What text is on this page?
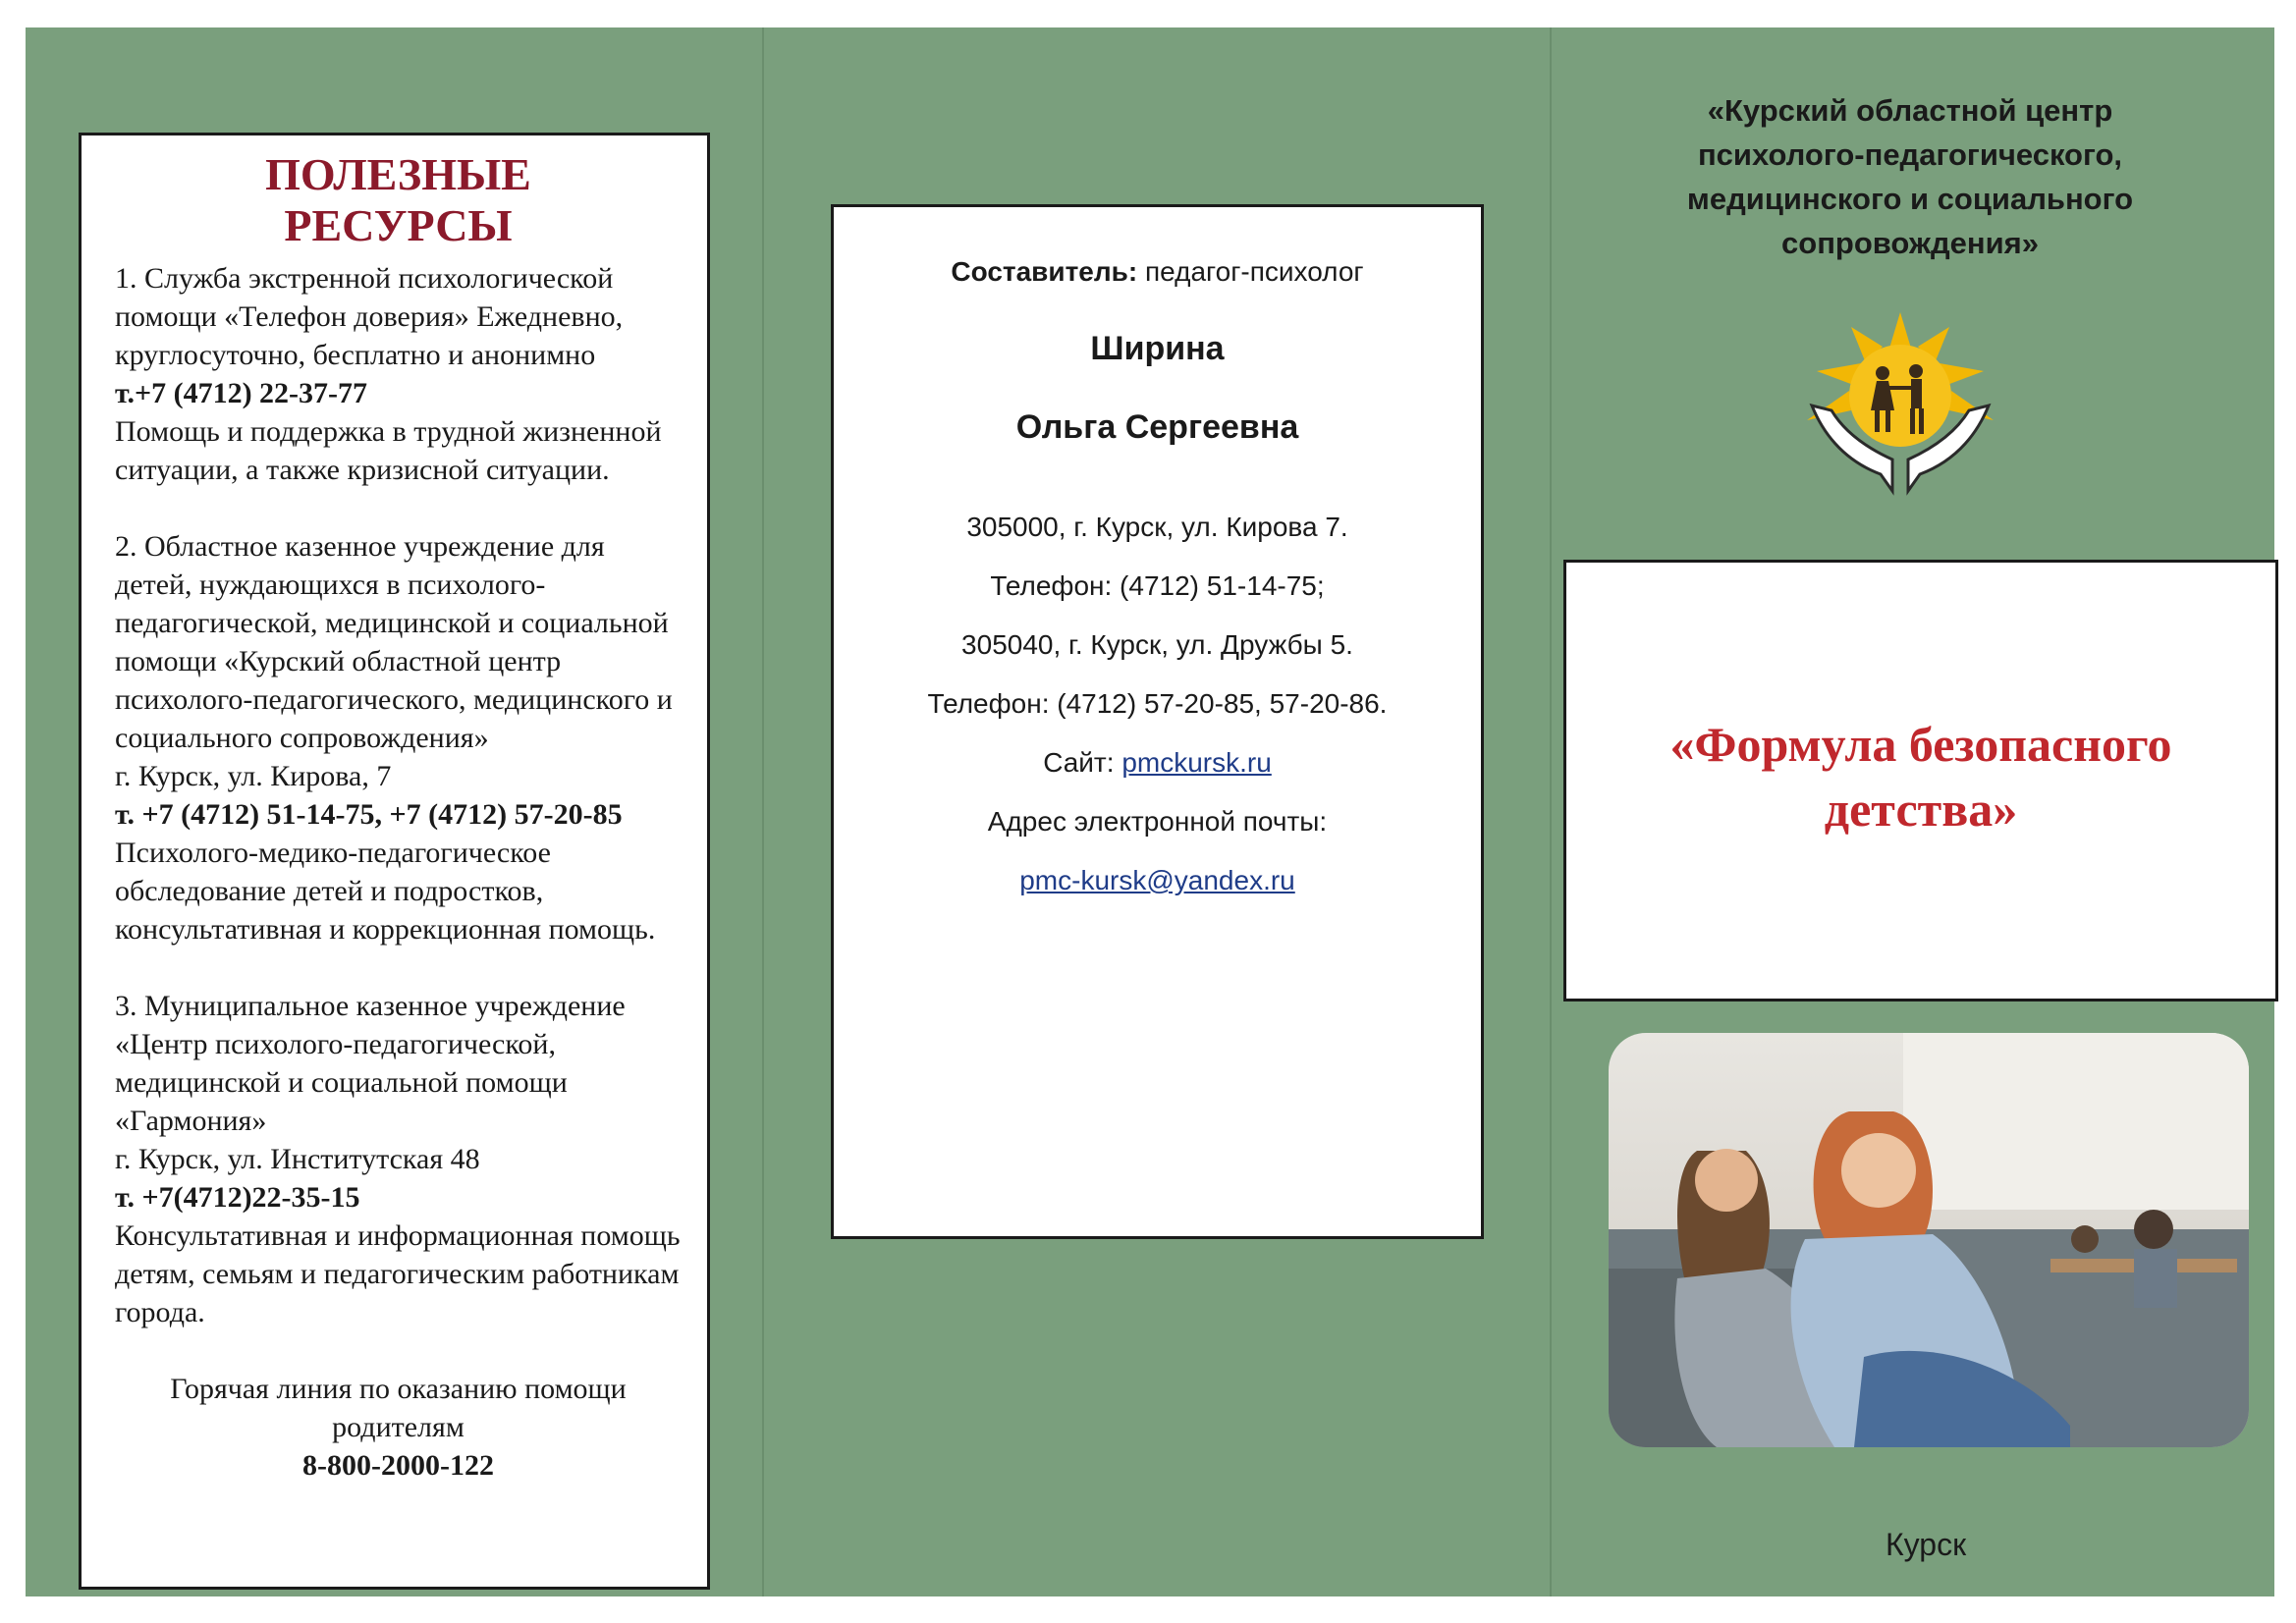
ПОЛЕЗНЫЕ
РЕСУРСЫ
1. Служба экстренной психологической помощи «Телефон доверия» Ежедневно, круглосуточно, бесплатно и анонимно
т.+7 (4712) 22-37-77
Помощь и поддержка в трудной жизненной ситуации, а также кризисной ситуации.
2. Областное казенное учреждение для детей, нуждающихся в психолого-педагогической, медицинской и социальной помощи «Курский областной центр психолого-педагогического, медицинского и социального сопровождения»
г. Курск, ул. Кирова, 7
т. +7 (4712) 51-14-75, +7 (4712) 57-20-85
Психолого-медико-педагогическое обследование детей и подростков, консультативная и коррекционная помощь.
3. Муниципальное казенное учреждение «Центр психолого-педагогической, медицинской и социальной помощи «Гармония»
г. Курск, ул. Институтская 48
т. +7(4712)22-35-15
Консультативная и информационная помощь детям, семьям и педагогическим работникам города.
Горячая линия по оказанию помощи родителям
8-800-2000-122
Составитель: педагог-психолог
Ширина
Ольга Сергеевна
305000, г. Курск, ул. Кирова 7.
Телефон: (4712) 51-14-75;
305040, г. Курск, ул. Дружбы 5.
Телефон: (4712) 57-20-85, 57-20-86.
Сайт: pmckursk.ru
Адрес электронной почты:
pmc-kursk@yandex.ru
«Курский областной центр
психолого-педагогического,
медицинского и социального
сопровождения»
«Формула безопасного
детства»
Курск
